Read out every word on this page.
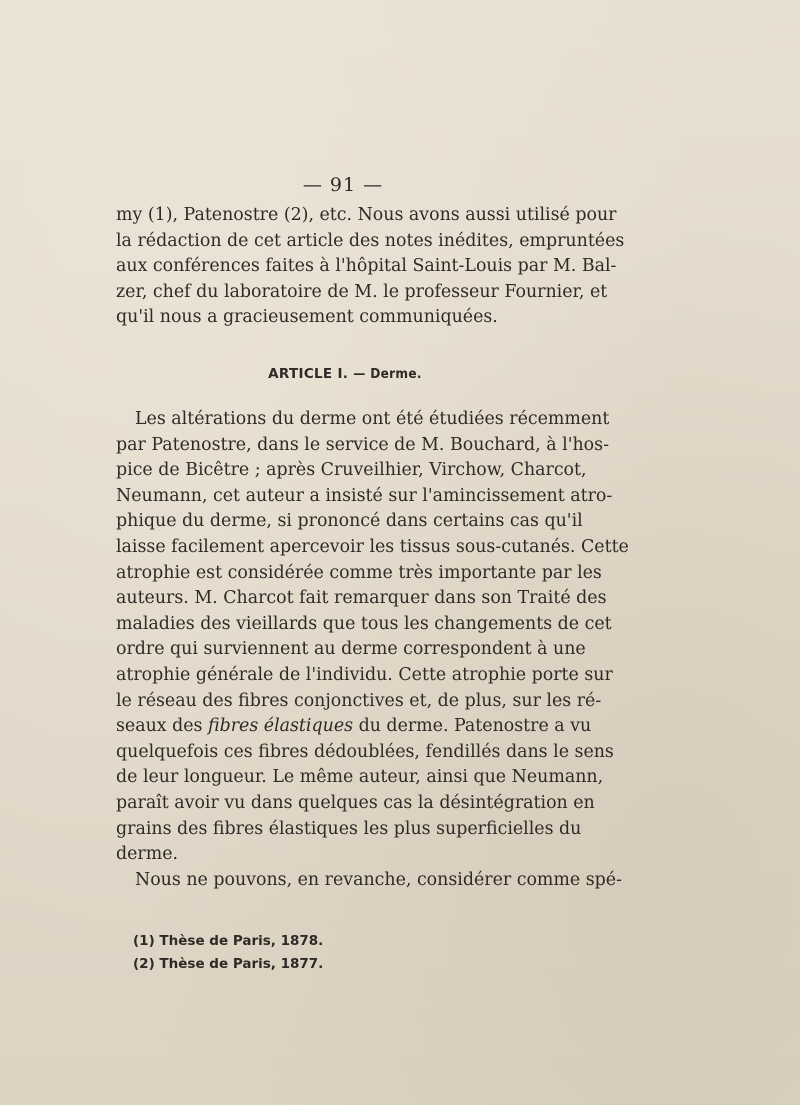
— 91 —
my (1), Patenostre (2), etc. Nous avons aussi utilisé pour
la rédaction de cet article des notes inédites, empruntées
aux conférences faites à l'hôpital Saint-Louis par M. Bal-
zer, chef du laboratoire de M. le professeur Fournier, et
qu'il nous a gracieusement communiquées.
ARTICLE I. — Derme.
Les altérations du derme ont été étudiées récemment
par Patenostre, dans le service de M. Bouchard, à l'hos-
pice de Bicêtre ; après Cruveilhier, Virchow, Charcot,
Neumann, cet auteur a insisté sur l'amincissement atro-
phique du derme, si prononcé dans certains cas qu'il
laisse facilement apercevoir les tissus sous-cutanés. Cette
atrophie est considérée comme très importante par les
auteurs. M. Charcot fait remarquer dans son Traité des
maladies des vieillards que tous les changements de cet
ordre qui surviennent au derme correspondent à une
atrophie générale de l'individu. Cette atrophie porte sur
le réseau des fibres conjonctives et, de plus, sur les ré-
seaux des fibres élastiques du derme. Patenostre a vu
quelquefois ces fibres dédoublées, fendillés dans le sens
de leur longueur. Le même auteur, ainsi que Neumann,
paraît avoir vu dans quelques cas la désintégration en
grains des fibres élastiques les plus superficielles du
derme.
Nous ne pouvons, en revanche, considérer comme spé-
(1) Thèse de Paris, 1878.
(2) Thèse de Paris, 1877.
